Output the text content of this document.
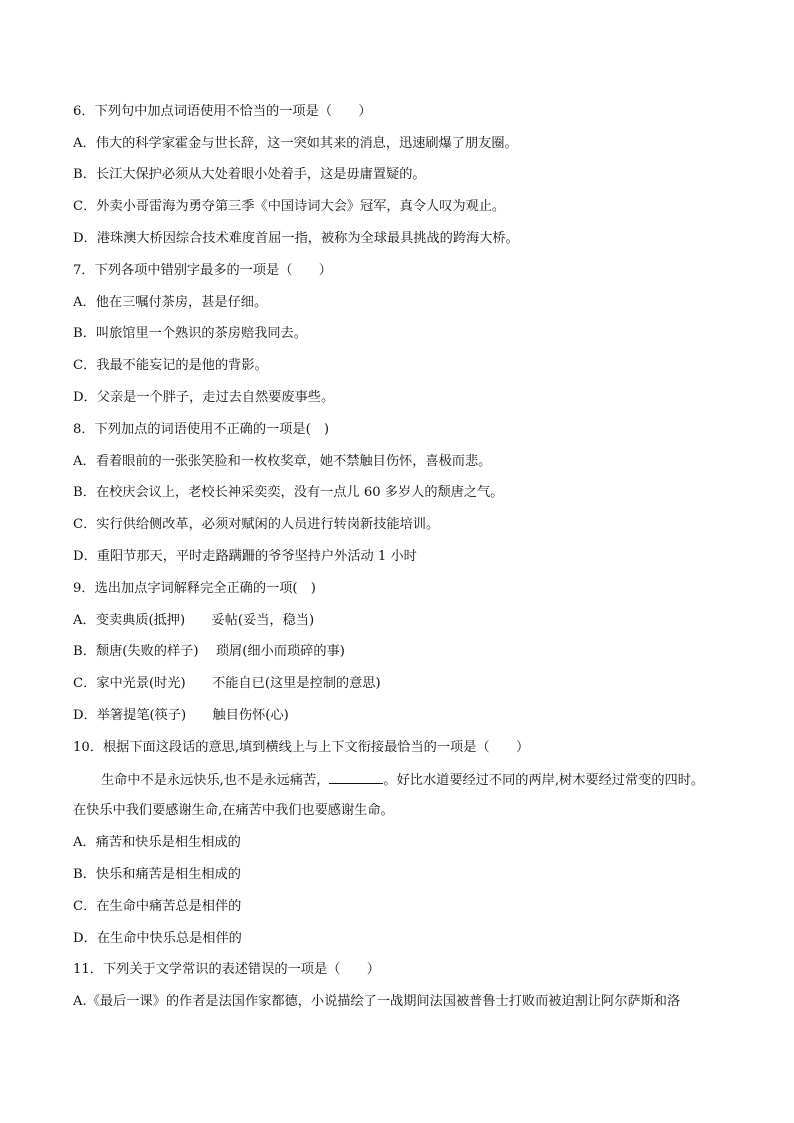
6．下列句中加点词语使用不恰当的一项是（　　）
A．伟大的科学家霍金与世长辞，这一突如其来的消息，迅速刷爆了朋友圈。
B．长江大保护必须从大处着眼小处着手，这是毋庸置疑的。
C．外卖小哥雷海为勇夺第三季《中国诗词大会》冠军，真令人叹为观止。
D．港珠澳大桥因综合技术难度首屈一指，被称为全球最具挑战的跨海大桥。
7．下列各项中错别字最多的一项是（　　）
A．他在三嘱付茶房，甚是仔细。
B．叫旅馆里一个熟识的茶房赔我同去。
C．我最不能妄记的是他的背影。
D．父亲是一个胖子，走过去自然要废事些。
8．下列加点的词语使用不正确的一项是(　)
A．看着眼前的一张张笑脸和一枚枚奖章，她不禁触目伤怀，喜极而悲。
B．在校庆会议上，老校长神采奕奕，没有一点儿 60 多岁人的颓唐之气。
C．实行供给侧改革，必须对赋闲的人员进行转岗新技能培训。
D．重阳节那天，平时走路蹒跚的爷爷坚持户外活动 1 小时
9．选出加点字词解释完全正确的一项(　)
A．变卖典质(抵押)　　妥帖(妥当，稳当)
B．颓唐(失败的样子)　 琐屑(细小而琐碎的事)
C．家中光景(时光)　　不能自已(这里是控制的意思)
D．举箸提笔(筷子)　　触目伤怀(心)
10．根据下面这段话的意思,填到横线上与上下文衔接最恰当的一项是（　　）
生命中不是永远快乐,也不是永远痛苦，	。好比水道要经过不同的两岸,树木要经过常变的四时。
在快乐中我们要感谢生命,在痛苦中我们也要感谢生命。
A．痛苦和快乐是相生相成的
B．快乐和痛苦是相生相成的
C．在生命中痛苦总是相伴的
D．在生命中快乐总是相伴的
11．下列关于文学常识的表述错误的一项是（　　）
A.《最后一课》的作者是法国作家都德，小说描绘了一战期间法国被普鲁士打败而被迫割让阿尔萨斯和洛
